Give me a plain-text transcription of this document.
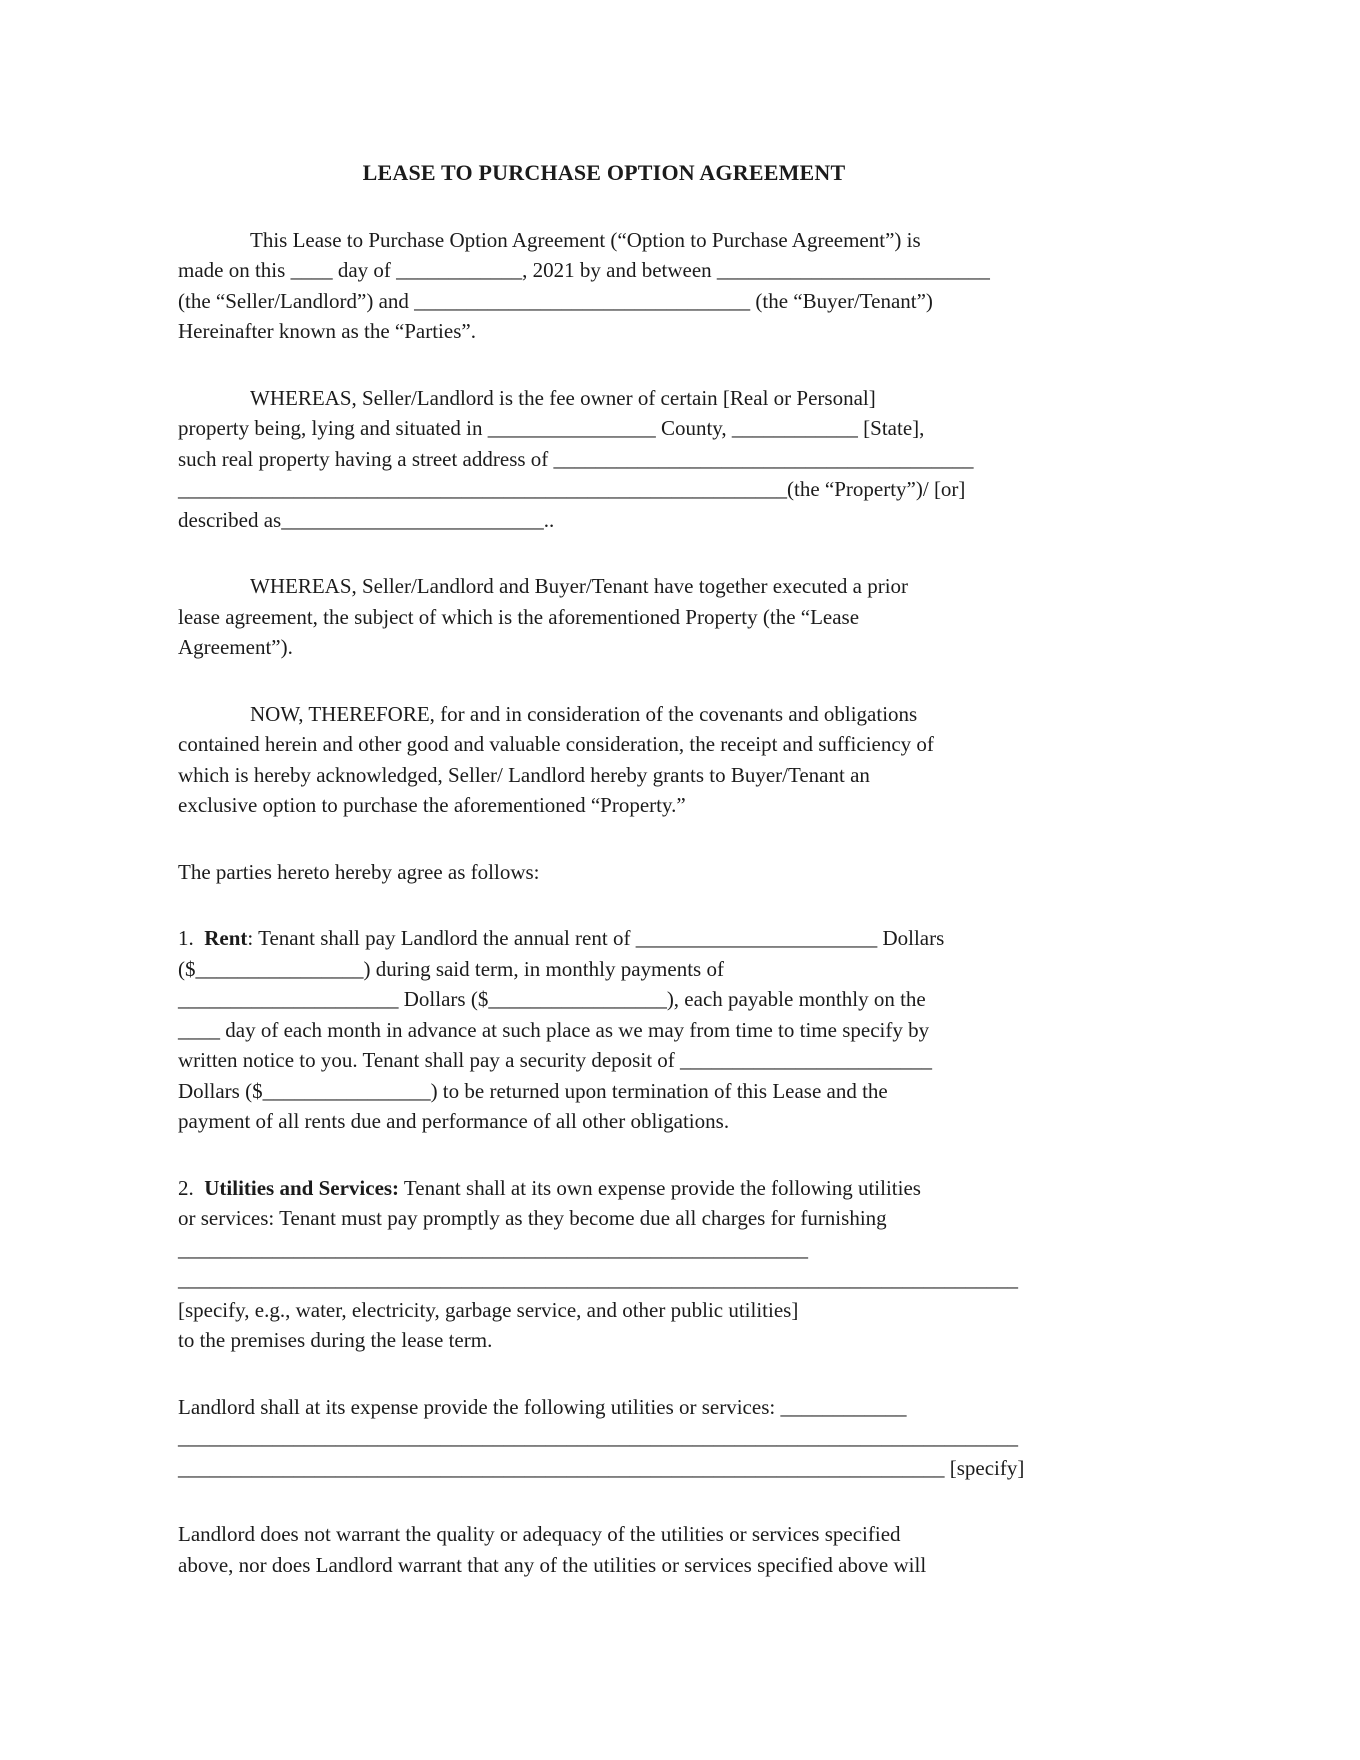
LEASE TO PURCHASE OPTION AGREEMENT

This Lease to Purchase Option Agreement (“Option to Purchase Agreement”) is
made on this ____ day of ____________, 2021 by and between __________________________
(the “Seller/Landlord”) and ________________________________ (the “Buyer/Tenant”)
Hereinafter known as the “Parties”.

WHEREAS, Seller/Landlord is the fee owner of certain [Real or Personal]
property being, lying and situated in ________________ County, ____________ [State],
such real property having a street address of ________________________________________
__________________________________________________________(the “Property”)/ [or]
described as_________________________..

WHEREAS, Seller/Landlord and Buyer/Tenant have together executed a prior
lease agreement, the subject of which is the aforementioned Property (the “Lease
Agreement”).

NOW, THEREFORE, for and in consideration of the covenants and obligations
contained herein and other good and valuable consideration, the receipt and sufficiency of
which is hereby acknowledged, Seller/ Landlord hereby grants to Buyer/Tenant an
exclusive option to purchase the aforementioned “Property.”

The parties hereto hereby agree as follows:

1.  Rent: Tenant shall pay Landlord the annual rent of _______________________ Dollars
($________________) during said term, in monthly payments of
_____________________ Dollars ($_________________), each payable monthly on the
____ day of each month in advance at such place as we may from time to time specify by
written notice to you. Tenant shall pay a security deposit of ________________________
Dollars ($________________) to be returned upon termination of this Lease and the
payment of all rents due and performance of all other obligations.

2.  Utilities and Services: Tenant shall at its own expense provide the following utilities
or services: Tenant must pay promptly as they become due all charges for furnishing
____________________________________________________________
________________________________________________________________________________
[specify, e.g., water, electricity, garbage service, and other public utilities]
to the premises during the lease term.

Landlord shall at its expense provide the following utilities or services: ____________
________________________________________________________________________________
_________________________________________________________________________ [specify]

Landlord does not warrant the quality or adequacy of the utilities or services specified
above, nor does Landlord warrant that any of the utilities or services specified above will
